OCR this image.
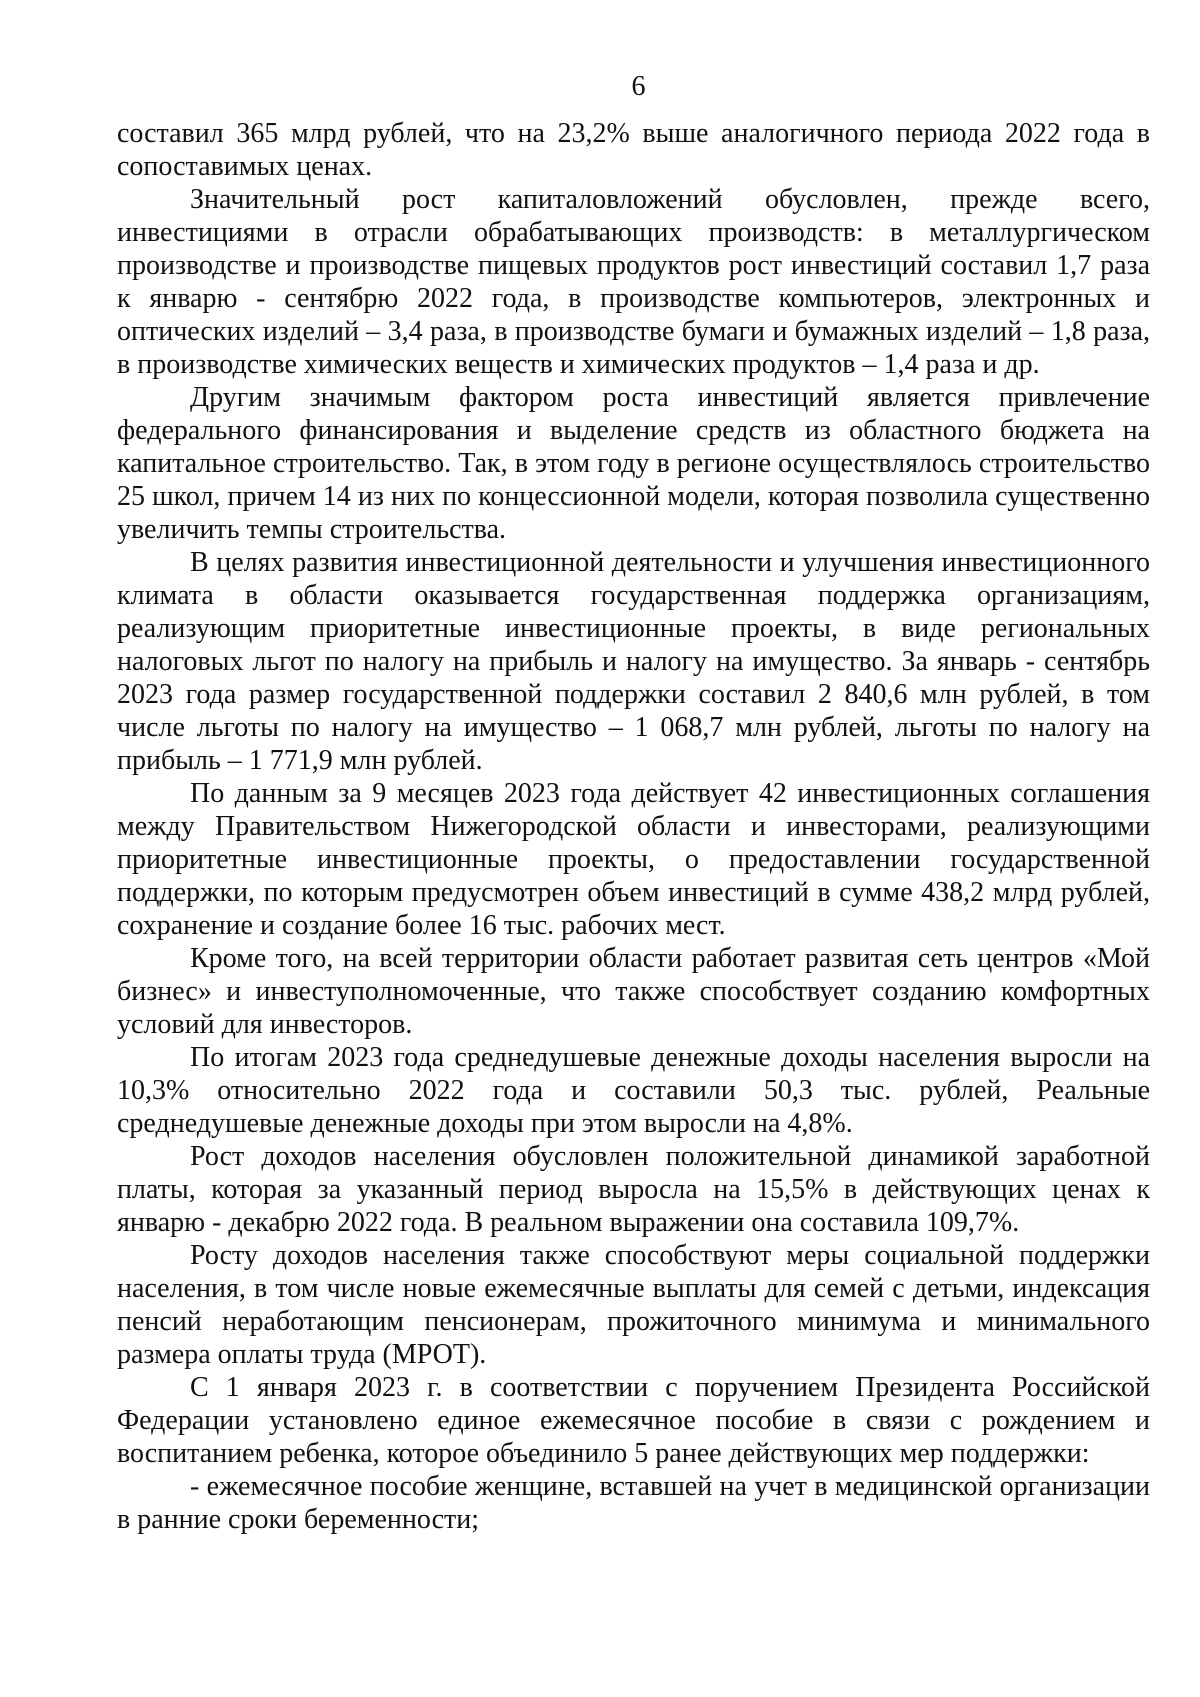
6

составил 365 млрд рублей, что на 23,2% выше аналогичного периода 2022 года в сопоставимых ценах.

Значительный рост капиталовложений обусловлен, прежде всего, инвестициями в отрасли обрабатывающих производств: в металлургическом производстве и производстве пищевых продуктов рост инвестиций составил 1,7 раза к январю - сентябрю 2022 года, в производстве компьютеров, электронных и оптических изделий – 3,4 раза, в производстве бумаги и бумажных изделий – 1,8 раза, в производстве химических веществ и химических продуктов – 1,4 раза и др.

Другим значимым фактором роста инвестиций является привлечение федерального финансирования и выделение средств из областного бюджета на капитальное строительство. Так, в этом году в регионе осуществлялось строительство 25 школ, причем 14 из них по концессионной модели, которая позволила существенно увеличить темпы строительства.

В целях развития инвестиционной деятельности и улучшения инвестиционного климата в области оказывается государственная поддержка организациям, реализующим приоритетные инвестиционные проекты, в виде региональных налоговых льгот по налогу на прибыль и налогу на имущество. За январь - сентябрь 2023 года размер государственной поддержки составил 2 840,6 млн рублей, в том числе льготы по налогу на имущество – 1 068,7 млн рублей, льготы по налогу на прибыль – 1 771,9 млн рублей.

По данным за 9 месяцев 2023 года действует 42 инвестиционных соглашения между Правительством Нижегородской области и инвесторами, реализующими приоритетные инвестиционные проекты, о предоставлении государственной поддержки, по которым предусмотрен объем инвестиций в сумме 438,2 млрд рублей, сохранение и создание более 16 тыс. рабочих мест.

Кроме того, на всей территории области работает развитая сеть центров «Мой бизнес» и инвеступолномоченные, что также способствует созданию комфортных условий для инвесторов.

По итогам 2023 года среднедушевые денежные доходы населения выросли на 10,3% относительно 2022 года и составили 50,3 тыс. рублей, Реальные среднедушевые денежные доходы при этом выросли на 4,8%.

Рост доходов населения обусловлен положительной динамикой заработной платы, которая за указанный период выросла на 15,5% в действующих ценах к январю - декабрю 2022 года. В реальном выражении она составила 109,7%.

Росту доходов населения также способствуют меры социальной поддержки населения, в том числе новые ежемесячные выплаты для семей с детьми, индексация пенсий неработающим пенсионерам, прожиточного минимума и минимального размера оплаты труда (МРОТ).

С 1 января 2023 г. в соответствии с поручением Президента Российской Федерации установлено единое ежемесячное пособие в связи с рождением и воспитанием ребенка, которое объединило 5 ранее действующих мер поддержки:

- ежемесячное пособие женщине, вставшей на учет в медицинской организации в ранние сроки беременности;
